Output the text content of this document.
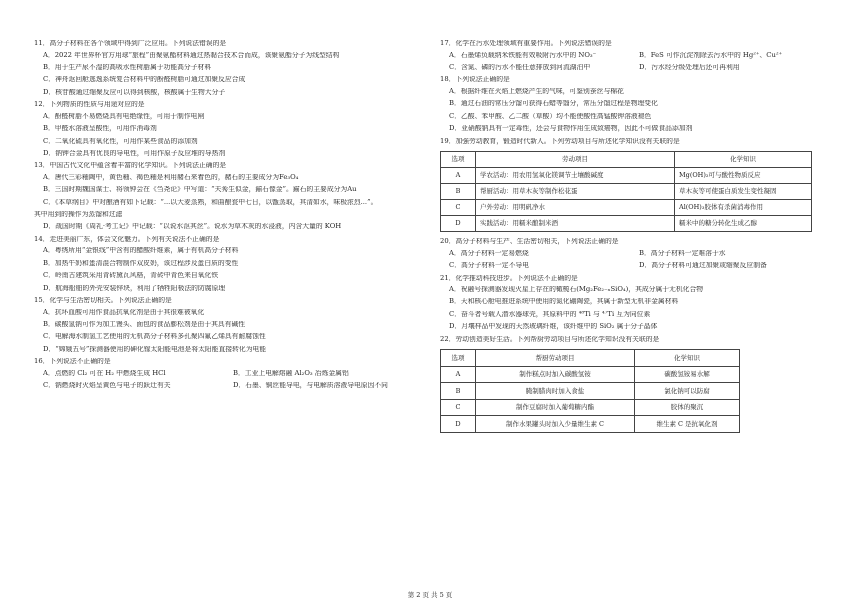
11．高分子材料在各个领域中得到广泛应用。下列说法错误的是
A．2022 年世界杯官方用球“旅程”由聚氨酯材料通过热黏合技术合而成，该聚氨酯分子为线型结构
B．用于生产尿不湿的高吸水性树脂属于功能高分子材料
C．神舟返回舱逃逸系统复合材料中的酚醛树脂可通过加聚反应合成
D．核苷酸通过缩聚反应可以得到核酸，核酸属于生物大分子
12．下列物质的性质与用途对应的是
A．酚醛树脂不易燃烧具有电绝缘性，可用于制作电闸
B．甲醛水溶液呈酸性，可用作消毒剂
C．二氧化硫具有氧化性，可用作某些食品的添加剂
D．钠钾合金具有优良的导电性，可用作原子反应堆的导热剂
13．中国古代文化中蕴含着丰富的化学知识。下列说法正确的是
A．唐代三彩釉陶中，黄色釉、褐色釉是利用赭石来着色的，赭石的主要成分为Fe₃O₄
B．三国时期魏国谋士、将领钟会在《刍尧论》中写道：“夫莠生似金，鍮石像金”。鍮石的主要成分为Au
C．《本草纲目》中对酿酒有如下记载：“...以大麦蒸熟，和曲酿瓮中七日，以甑蒸取，其清如水，味极浓烈...”。
其中用到的操作为蒸馏和过滤
D．战国时期《周礼·考工记》中记载：“以说水沤其丝”。说水为草木灰的水浸液，内含大量的 KOH
14．走进美丽广东，体会文化魅力。下列有关说法不正确的是
A．粤绣所用“金银线”中含有的醋酸纤维素，属于有机高分子材料
B．加热牛奶和蛋清混合物制作双皮奶，该过程涉及蛋白质的变性
C．岭南古建筑采用青砖黛瓦风格，青砖中青色来自氧化铁
D．航海船舶的外壳安装锌块，利用了牺牲阳极法的防腐原理
15．化学与生活密切相关。下列说法正确的是
A．抗坏血酸可用作食品抗氧化剂是由于其很难被氧化
B．碳酸氢钠可作为加工馒头、面包的食品膨松剂是由于其具有碱性
C．电解海水制氢工艺使用的无机高分子材料多孔聚四氟乙烯具有耐腐蚀性
D．“嫦娥五号”探测器使用的砷化镓太阳能电池是将太阳能直接转化为电能
16．下列说法不正确的是
A．点燃的 Cl₂ 可在 H₂ 中燃烧生成 HCl	B．工业上电解熔融 Al₂O₃ 冶炼金属铝
C．钠燃烧时火焰呈黄色与电子的跃迁有关	D．石墨、铜丝能导电，与电解质溶液导电原因不同
17．化学在污水处理领域有重要作用。下列说法错误的是
A．石墨烯负载纳米铁能有效吸附污水中的 NO₃⁻	B．FeS 可作沉淀剂除去污水中的 Hg²⁺、Cu²⁺
C．含氮、磷的污水不能任意排放到河流湖泊中	D．污水经分级处理后还可再利用
18．下列说法正确的是
A．根据纤维在火焰上燃烧产生的气味，可鉴别蚕丝与棉花
B．通过石油的常压分馏可获得石蜡等馏分，常压分馏过程是物理变化
C．乙酸、苯甲酸、乙二酸（草酸）均不能使酸性高锰酸钾溶液褪色
D．亚硝酸钠具有一定毒性，还会与食物作用生成致癌物，因此不可做食品添加剂
19．加强劳动教育，锻造时代新人。下列劳动项目与所述化学知识没有关联的是
选项	劳动项目	化学知识
A	学农活动：用农用氢氧化镁调节土壤酸碱度	Mg(OH)₂可与酸性物质反应
B	帮厨活动：用草木灰等制作松花蛋	草木灰等可使蛋白质发生变性凝固
C	户外劳动：用明矾净水	Al(OH)₃胶体有杀菌消毒作用
D	实践活动：用糯米酿制米酒	糯米中的糖分转化生成乙醇
20．高分子材料与生产、生活密切相关，下列说法正确的是
A．高分子材料一定易燃烧	B．高分子材料一定难溶于水
C．高分子材料一定不导电	D．高分子材料可通过加聚或缩聚反应制备
21．化学推动科技进步。下列说法不正确的是
A．祝融号探测器发现火星上存在的橄榄石(Mg₂Fe₂₋ₓSiO₄)，其成分属于无机化合物
B．天和核心舱电推进系统中使用的氮化硼陶瓷，其属于新型无机非金属材料
C．奋斗者号载人潜水器球壳，其原料中的 ⁴⁸Ti 与 ⁴⁷Ti 互为同位素
D．月壤样品中发现的天然玻璃纤维，该纤维中的 SiO₂ 属于分子晶体
22．劳动创造美好生活。下列帮厨劳动项目与所述化学知识没有关联的是
选项	帮厨劳动项目	化学知识
A	制作糕点时加入碳酸氢铵	碳酸氢铵易水解
B	腌制腊肉时加入食盐	氯化钠可以防腐
C	制作豆腐时加入葡萄糖内酯	胶体的聚沉
D	制作水果罐头时加入少量维生素 C	维生素 C 是抗氧化剂
第 2 页 共 5 页
